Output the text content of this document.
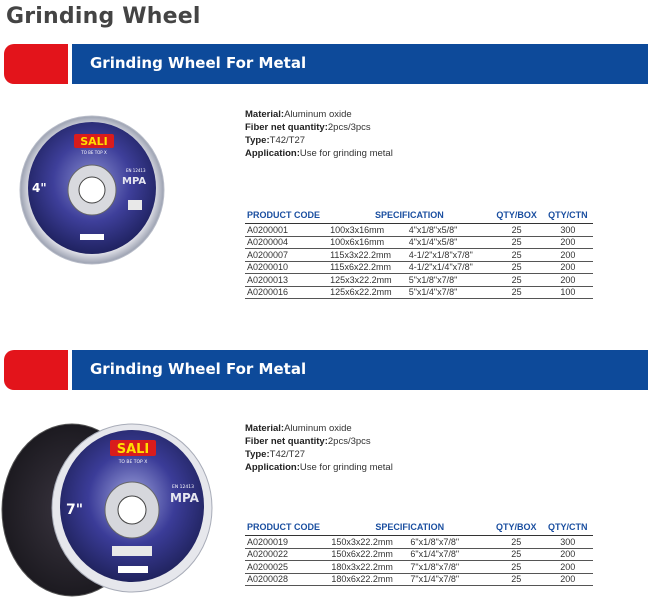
Grinding Wheel
Grinding Wheel For Metal
SALI
TO BE TOP X
4"	MPA
EN 12413
Material:Aluminum oxide
Fiber net quantity:2pcs/3pcs
Type:T42/T27
Application:Use for grinding metal
PRODUCT CODE	SPECIFICATION		QTY/BOX	QTY/CTN
A0200001	100x3x16mm	4"x1/8"x5/8"	25	300
A0200004	100x6x16mm	4"x1/4"x5/8"	25	200
A0200007	115x3x22.2mm	4-1/2"x1/8"x7/8"	25	200
A0200010	115x6x22.2mm	4-1/2"x1/4"x7/8"	25	200
A0200013	125x3x22.2mm	5"x1/8"x7/8"	25	200
A0200016	125x6x22.2mm	5"x1/4"x7/8"	25	100
Grinding Wheel For Metal
SALI
TO BE TOP X
7"
MPA
EN 12413
Material:Aluminum oxide
Fiber net quantity:2pcs/3pcs
Type:T42/T27
Application:Use for grinding metal
PRODUCT CODE	SPECIFICATION		QTY/BOX	QTY/CTN
A0200019	150x3x22.2mm	6"x1/8"x7/8"	25	300
A0200022	150x6x22.2mm	6"x1/4"x7/8"	25	200
A0200025	180x3x22.2mm	7"x1/8"x7/8"	25	200
A0200028	180x6x22.2mm	7"x1/4"x7/8"	25	200
